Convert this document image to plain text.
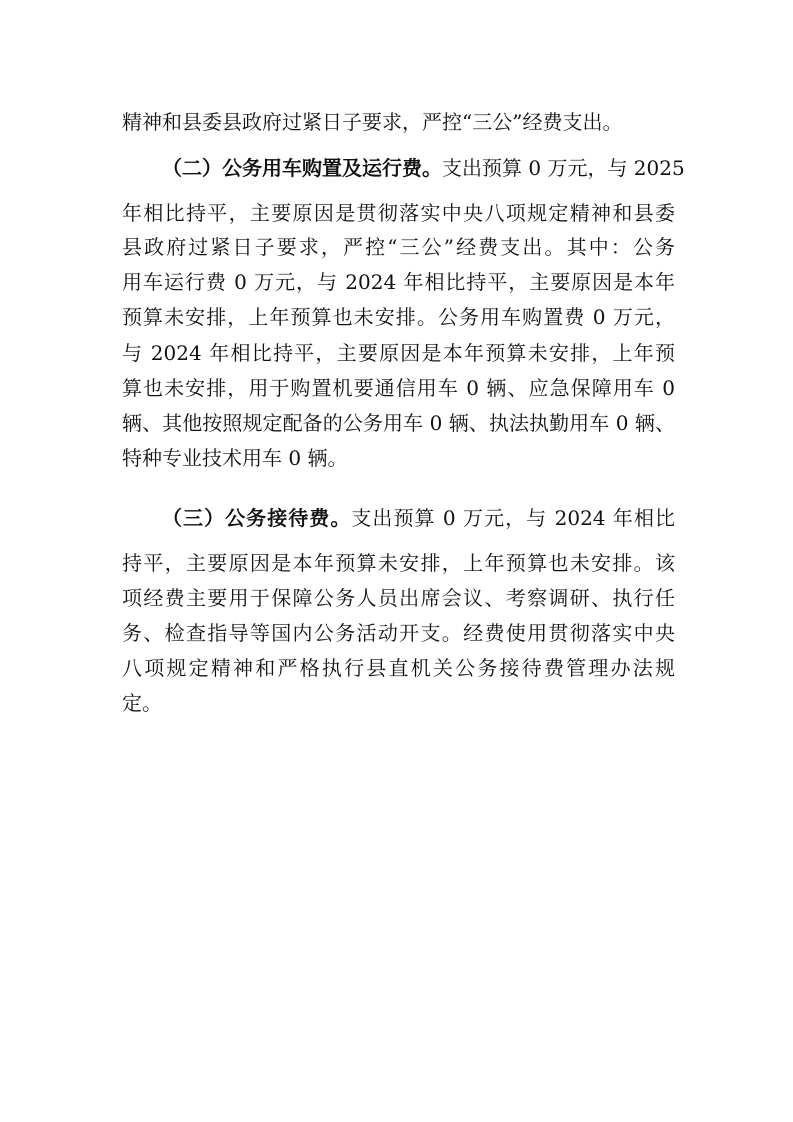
精神和县委县政府过紧日子要求，严控“三公”经费支出。
（二）公务用车购置及运行费。支出预算 0 万元，与 2025
年相比持平，主要原因是贯彻落实中央八项规定精神和县委
县政府过紧日子要求，严控“三公”经费支出。其中：公务
用车运行费 0 万元，与 2024 年相比持平，主要原因是本年
预算未安排，上年预算也未安排。公务用车购置费 0 万元，
与 2024 年相比持平，主要原因是本年预算未安排，上年预
算也未安排，用于购置机要通信用车 0 辆、应急保障用车 0
辆、其他按照规定配备的公务用车 0 辆、执法执勤用车 0 辆、
特种专业技术用车 0 辆。
（三）公务接待费。支出预算 0 万元，与 2024 年相比
持平，主要原因是本年预算未安排，上年预算也未安排。该
项经费主要用于保障公务人员出席会议、考察调研、执行任
务、检查指导等国内公务活动开支。经费使用贯彻落实中央
八项规定精神和严格执行县直机关公务接待费管理办法规
定。
